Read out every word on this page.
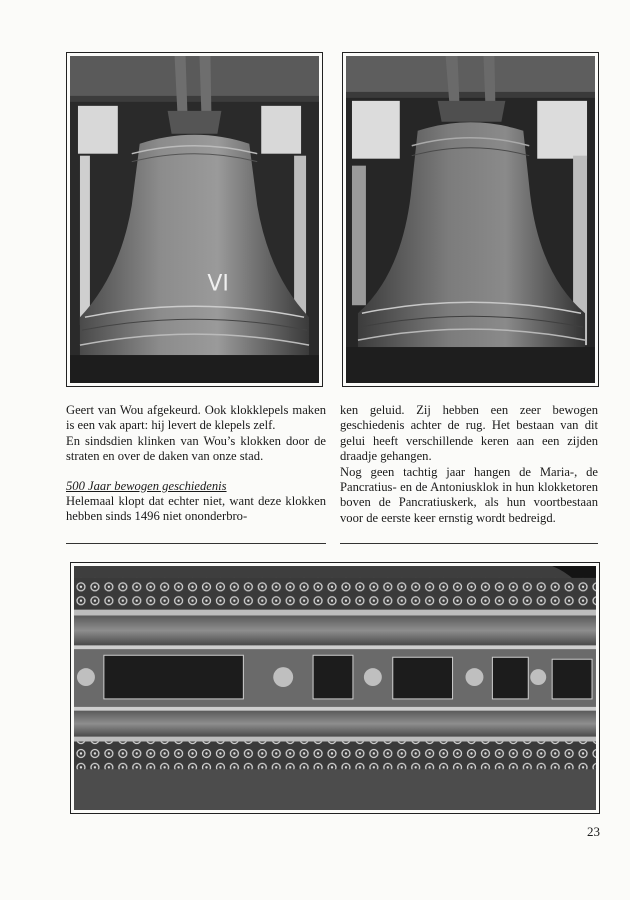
VI

Geert van Wou afgekeurd. Ook klokklepels maken is een vak apart: hij levert de klepels zelf.

En sindsdien klinken van Wou’s klokken door de straten en over de daken van onze stad.

500 Jaar bewogen geschiedenis

Helemaal klopt dat echter niet, want deze klokken hebben sinds 1496 niet ononderbro-

ken geluid. Zij hebben een zeer bewogen geschiedenis achter de rug. Het bestaan van dit gelui heeft verschillende keren aan een zijden draadje gehangen.

Nog geen tachtig jaar hangen de Maria-, de Pancratius- en de Antoniusklok in hun klokketoren boven de Pancratiuskerk, als hun voortbestaan voor de eerste keer ernstig wordt bedreigd.

23
